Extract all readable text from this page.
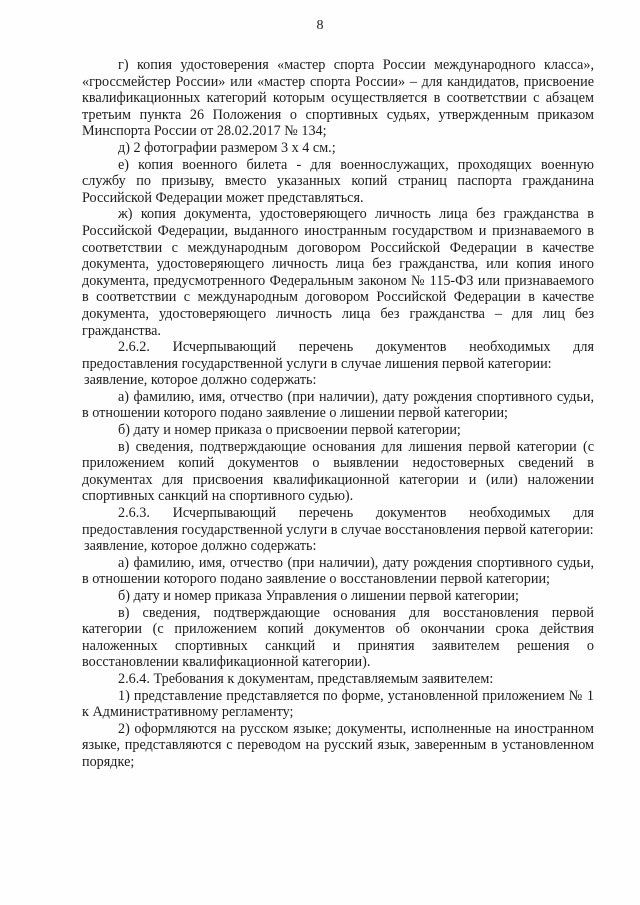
8

г) копия удостоверения «мастер спорта России международного класса», «гроссмейстер России» или «мастер спорта России» – для кандидатов, присвоение квалификационных категорий которым осуществляется в соответствии с абзацем третьим пункта 26 Положения о спортивных судьях, утвержденным приказом Минспорта России от 28.02.2017 № 134;

д) 2 фотографии размером 3 х 4 см.;

е) копия военного билета - для военнослужащих, проходящих военную службу по призыву, вместо указанных копий страниц паспорта гражданина Российской Федерации может представляться.

ж) копия документа, удостоверяющего личность лица без гражданства в Российской Федерации, выданного иностранным государством и признаваемого в соответствии с международным договором Российской Федерации в качестве документа, удостоверяющего личность лица без гражданства, или копия иного документа, предусмотренного Федеральным законом № 115-ФЗ или признаваемого в соответствии с международным договором Российской Федерации в качестве документа, удостоверяющего личность лица без гражданства – для лиц без гражданства.

2.6.2. Исчерпывающий перечень документов необходимых для предоставления государственной услуги в случае лишения первой категории:

заявление, которое должно содержать:

а) фамилию, имя, отчество (при наличии), дату рождения спортивного судьи, в отношении которого подано заявление о лишении первой категории;

б) дату и номер приказа о присвоении первой категории;

в) сведения, подтверждающие основания для лишения первой категории (с приложением копий документов о выявлении недостоверных сведений в документах для присвоения квалификационной категории и (или) наложении спортивных санкций на спортивного судью).

2.6.3. Исчерпывающий перечень документов необходимых для предоставления государственной услуги в случае восстановления первой категории:

заявление, которое должно содержать:

а) фамилию, имя, отчество (при наличии), дату рождения спортивного судьи, в отношении которого подано заявление о восстановлении первой категории;

б) дату и номер приказа Управления о лишении первой категории;

в) сведения, подтверждающие основания для восстановления первой категории (с приложением копий документов об окончании срока действия наложенных спортивных санкций и принятия заявителем решения о восстановлении квалификационной категории).

2.6.4. Требования к документам, представляемым заявителем:

1) представление представляется по форме, установленной приложением № 1 к Административному регламенту;

2) оформляются на русском языке; документы, исполненные на иностранном языке, представляются с переводом на русский язык, заверенным в установленном порядке;
